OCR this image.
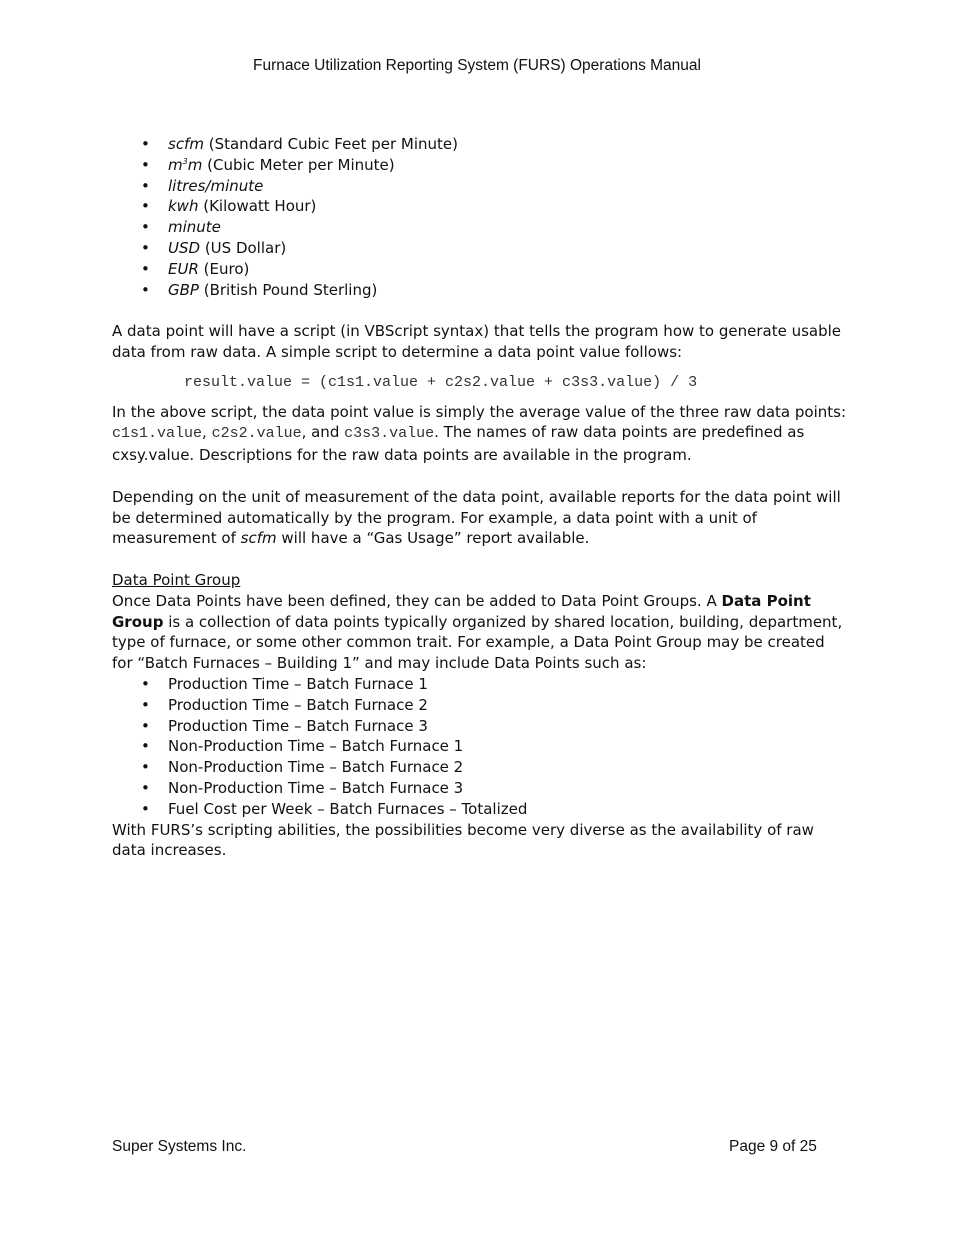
Furnace Utilization Reporting System (FURS) Operations Manual
• scfm (Standard Cubic Feet per Minute)
• $m^3m$ (Cubic Meter per Minute)
• litres/minute
• kwh (Kilowatt Hour)
• minute
• USD (US Dollar)
• EUR (Euro)
• GBP (British Pound Sterling)

A data point will have a script (in VBScript syntax) that tells the program how to generate usable data from raw data. A simple script to determine a data point value follows:

result.value = (c1s1.value + c2s2.value + c3s3.value) / 3

In the above script, the data point value is simply the average value of the three raw data points: c1s1.value, c2s2.value, and c3s3.value. The names of raw data points are predefined as cxsy.value. Descriptions for the raw data points are available in the program.

Depending on the unit of measurement of the data point, available reports for the data point will be determined automatically by the program. For example, a data point with a unit of measurement of scfm will have a “Gas Usage” report available.

Data Point Group

Once Data Points have been defined, they can be added to Data Point Groups. A Data Point Group is a collection of data points typically organized by shared location, building, department, type of furnace, or some other common trait. For example, a Data Point Group may be created for “Batch Furnaces – Building 1” and may include Data Points such as:

• Production Time – Batch Furnace 1
• Production Time – Batch Furnace 2
• Production Time – Batch Furnace 3
• Non-Production Time – Batch Furnace 1
• Non-Production Time – Batch Furnace 2
• Non-Production Time – Batch Furnace 3
• Fuel Cost per Week – Batch Furnaces – Totalized

With FURS’s scripting abilities, the possibilities become very diverse as the availability of raw data increases.

Super Systems Inc.	Page 9 of 25
